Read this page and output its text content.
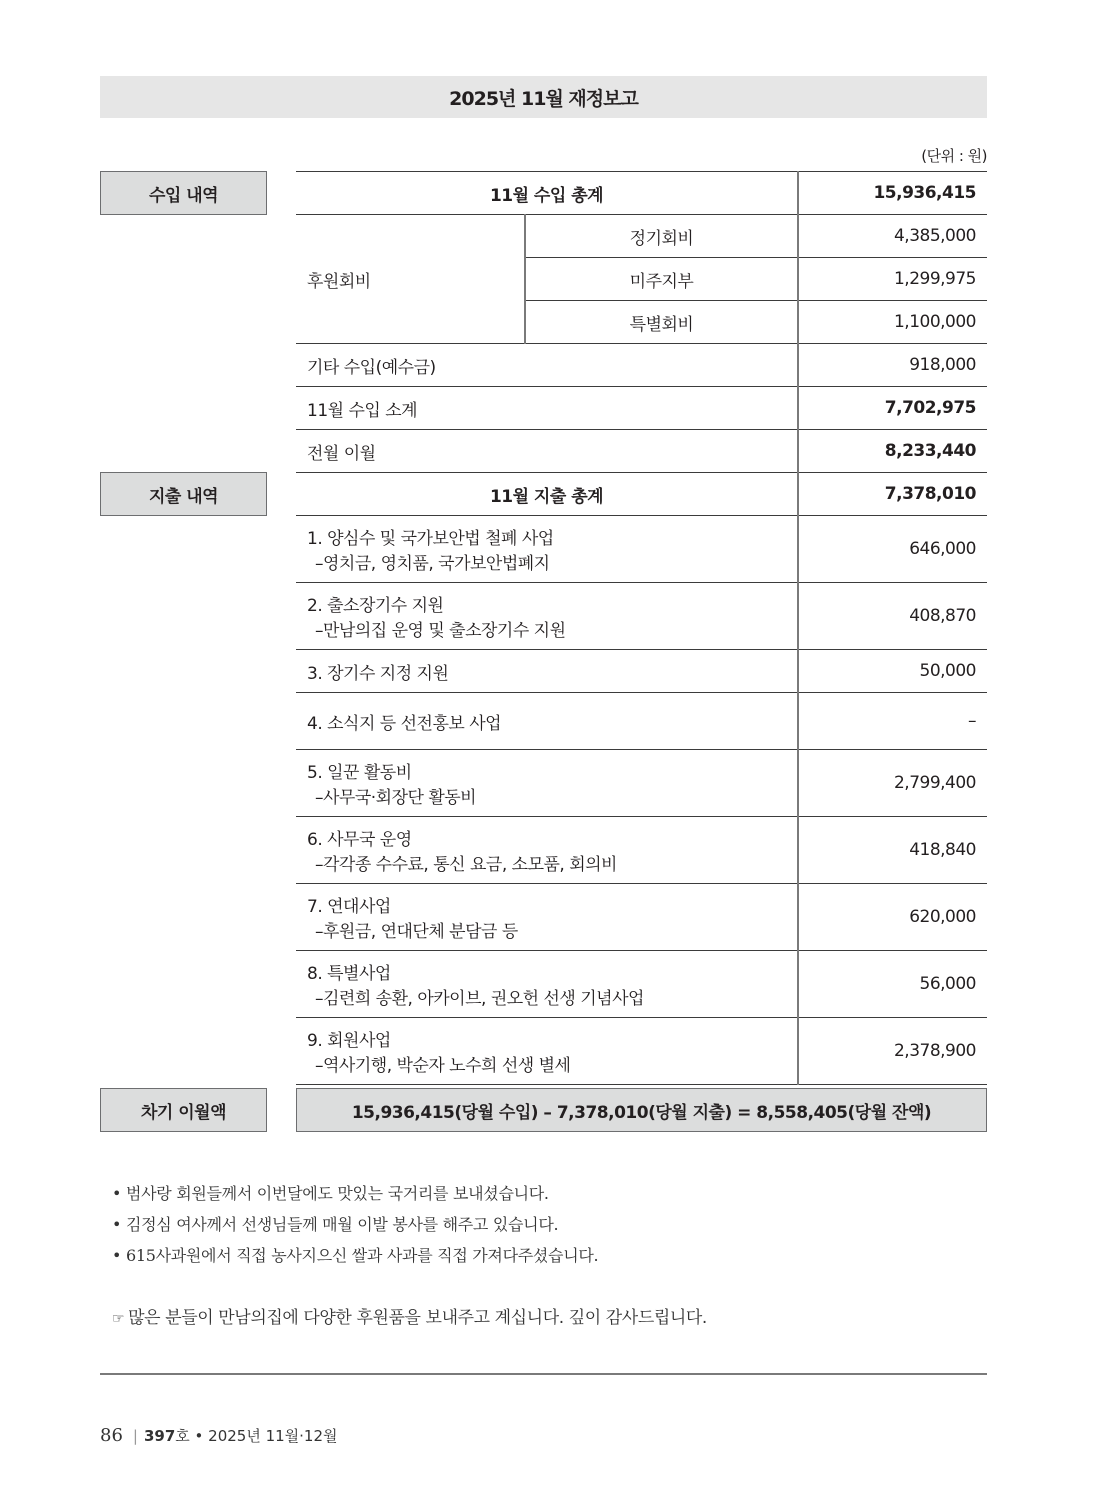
2025년 11월 재정보고
(단위 : 원)
수입 내역
지출 내역
차기 이월액
11월 수입 총계		15,936,415
후원회비	정기회비	4,385,000
	미주지부	1,299,975
	특별회비	1,100,000
기타 수입(예수금)		918,000
11월 수입 소계		7,702,975
전월 이월		8,233,440
11월 지출 총계		7,378,010

1. 양심수 및 국가보안법 철폐 사업
–영치금, 영치품, 국가보안법폐지		646,000

2. 출소장기수 지원
–만남의집 운영 및 출소장기수 지원		408,870

3. 장기수 지정 지원		50,000

4. 소식지 등 선전홍보 사업		–

5. 일꾼 활동비
–사무국·회장단 활동비		2,799,400

6. 사무국 운영
–각각종 수수료, 통신 요금, 소모품, 회의비		418,840

7. 연대사업
–후원금, 연대단체 분담금 등		620,000

8. 특별사업
–김련희 송환, 아카이브, 권오헌 선생 기념사업		56,000

9. 회원사업
–역사기행, 박순자 노수희 선생 별세		2,378,900
15,936,415(당월 수입) – 7,378,010(당월 지출) = 8,558,405(당월 잔액)
• 범사랑 회원들께서 이번달에도 맛있는 국거리를 보내셨습니다.
• 김정심 여사께서 선생님들께 매월 이발 봉사를 해주고 있습니다.
• 615사과원에서 직접 농사지으신 쌀과 사과를 직접 가져다주셨습니다.
☞ 많은 분들이 만남의집에 다양한 후원품을 보내주고 계십니다. 깊이 감사드립니다.
86 | 397 호 • 2025년 11월·12월
